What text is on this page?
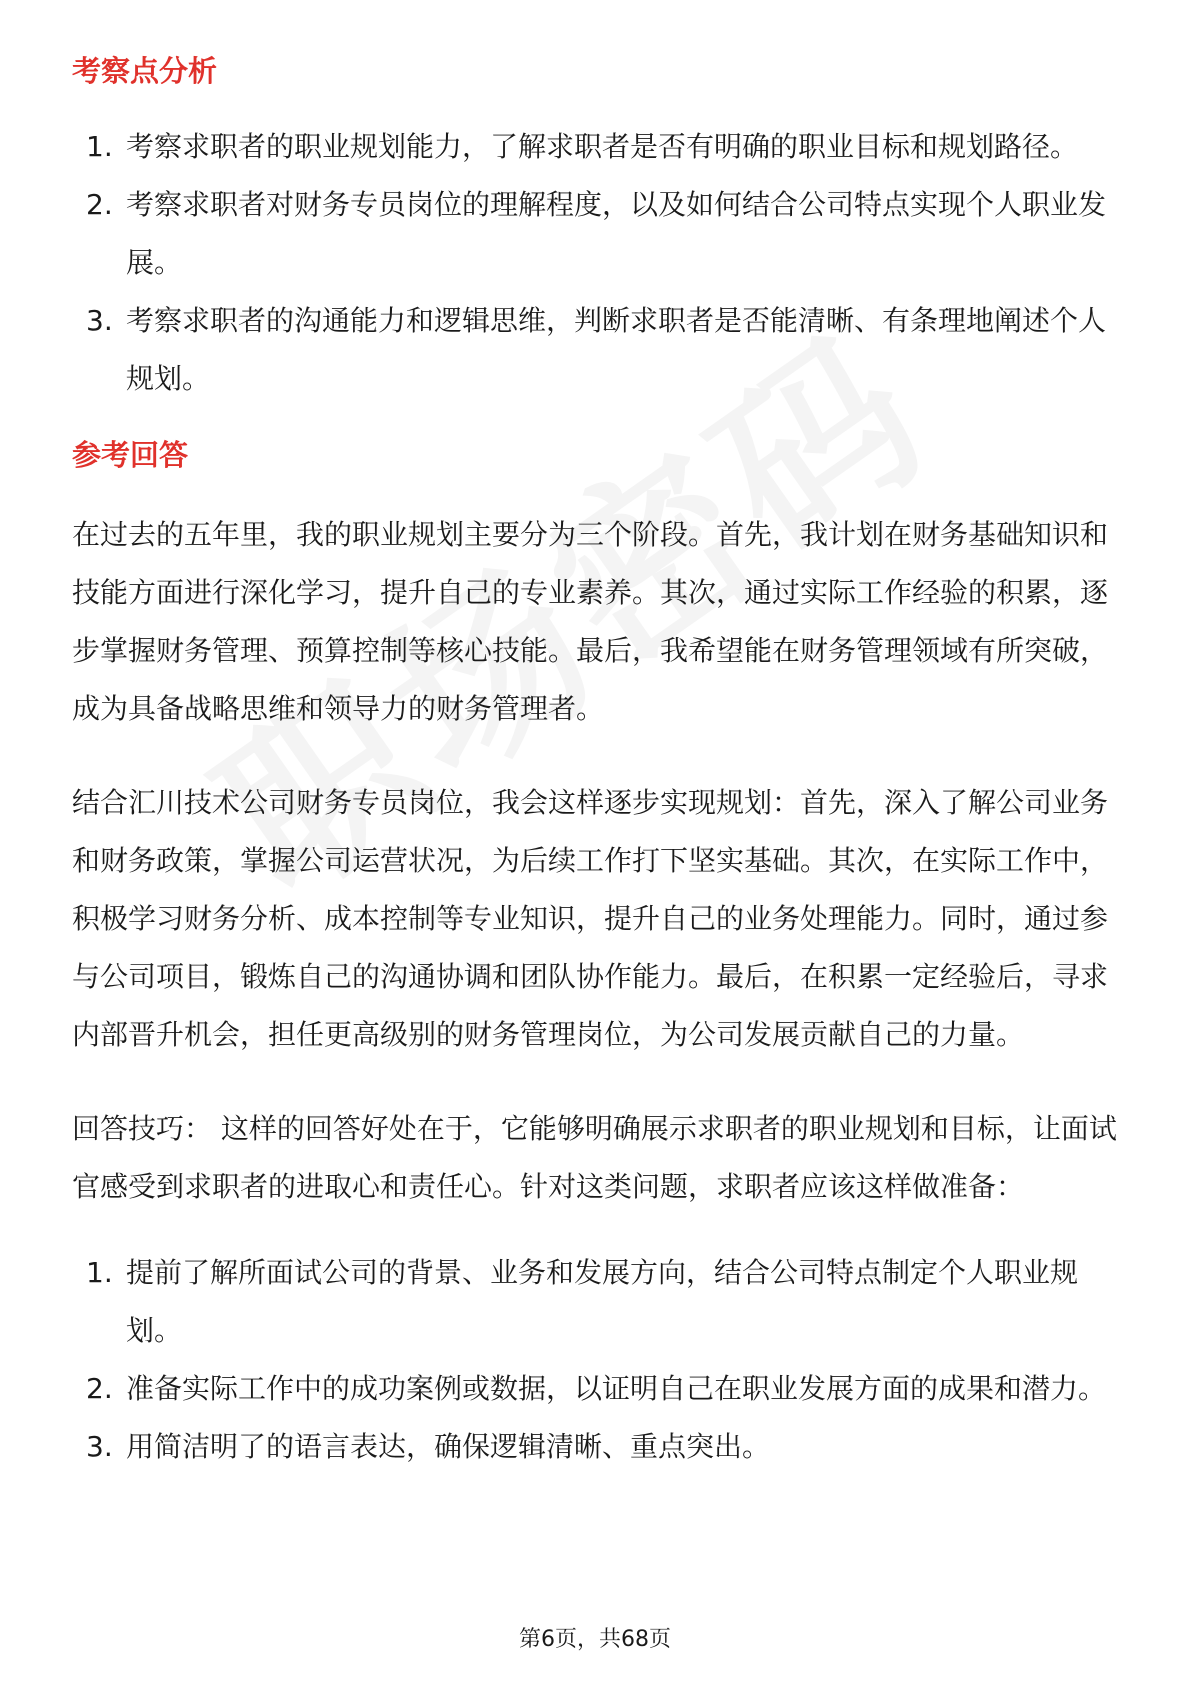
考察点分析
1. 考察求职者的职业规划能力，了解求职者是否有明确的职业目标和规划路径。
2. 考察求职者对财务专员岗位的理解程度，以及如何结合公司特点实现个人职业发展。
3. 考察求职者的沟通能力和逻辑思维，判断求职者是否能清晰、有条理地阐述个人规划。
参考回答

在过去的五年里，我的职业规划主要分为三个阶段。首先，我计划在财务基础知识和技能方面进行深化学习，提升自己的专业素养。其次，通过实际工作经验的积累，逐步掌握财务管理、预算控制等核心技能。最后，我希望能在财务管理领域有所突破，成为具备战略思维和领导力的财务管理者。

结合汇川技术公司财务专员岗位，我会这样逐步实现规划：首先，深入了解公司业务和财务政策，掌握公司运营状况，为后续工作打下坚实基础。其次，在实际工作中，积极学习财务分析、成本控制等专业知识，提升自己的业务处理能力。同时，通过参与公司项目，锻炼自己的沟通协调和团队协作能力。最后，在积累一定经验后，寻求内部晋升机会，担任更高级别的财务管理岗位，为公司发展贡献自己的力量。

回答技巧： 这样的回答好处在于，它能够明确展示求职者的职业规划和目标，让面试官感受到求职者的进取心和责任心。针对这类问题，求职者应该这样做准备：

1. 提前了解所面试公司的背景、业务和发展方向，结合公司特点制定个人职业规划。
2. 准备实际工作中的成功案例或数据，以证明自己在职业发展方面的成果和潜力。
3. 用简洁明了的语言表达，确保逻辑清晰、重点突出。
第6页，共68页
